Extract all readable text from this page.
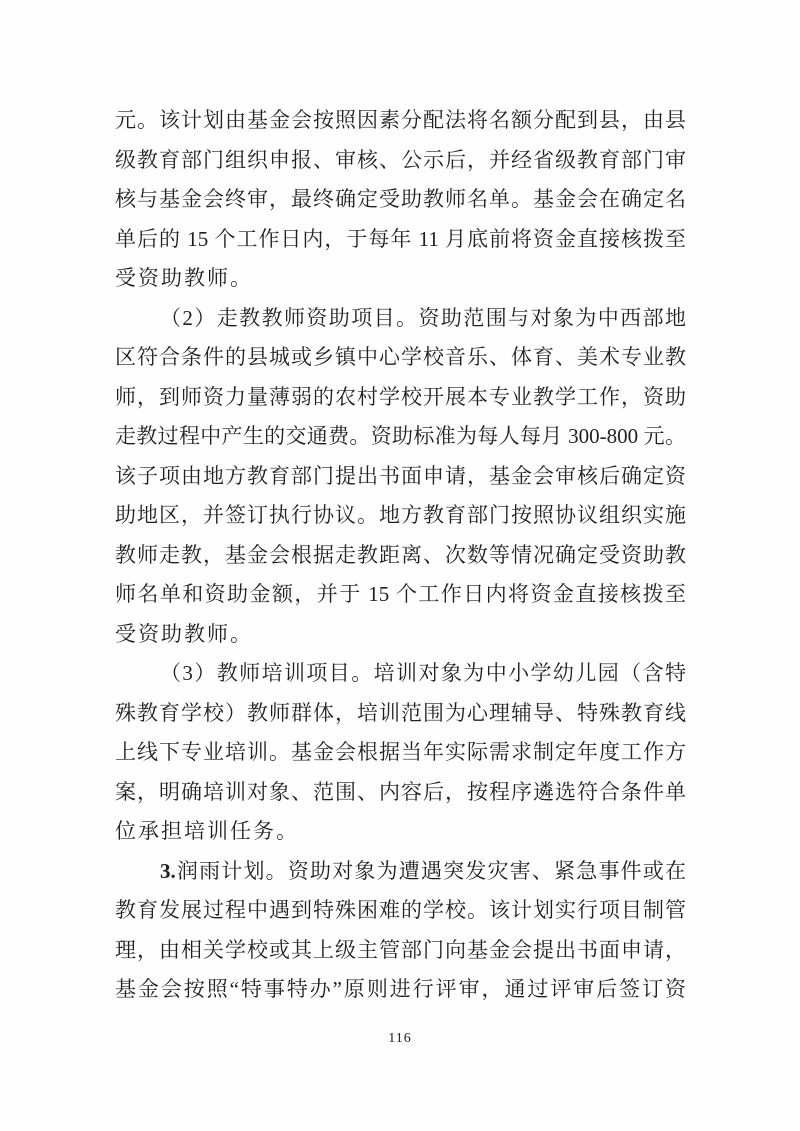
元。该计划由基金会按照因素分配法将名额分配到县，由县
级教育部门组织申报、审核、公示后，并经省级教育部门审
核与基金会终审，最终确定受助教师名单。基金会在确定名
单后的 15 个工作日内，于每年 11 月底前将资金直接核拨至
受资助教师。
（2）走教教师资助项目。资助范围与对象为中西部地
区符合条件的县城或乡镇中心学校音乐、体育、美术专业教
师，到师资力量薄弱的农村学校开展本专业教学工作，资助
走教过程中产生的交通费。资助标准为每人每月 300-800 元。
该子项由地方教育部门提出书面申请，基金会审核后确定资
助地区，并签订执行协议。地方教育部门按照协议组织实施
教师走教，基金会根据走教距离、次数等情况确定受资助教
师名单和资助金额，并于 15 个工作日内将资金直接核拨至
受资助教师。
（3）教师培训项目。培训对象为中小学幼儿园（含特
殊教育学校）教师群体，培训范围为心理辅导、特殊教育线
上线下专业培训。基金会根据当年实际需求制定年度工作方
案，明确培训对象、范围、内容后，按程序遴选符合条件单
位承担培训任务。
3.润雨计划。资助对象为遭遇突发灾害、紧急事件或在
教育发展过程中遇到特殊困难的学校。该计划实行项目制管
理，由相关学校或其上级主管部门向基金会提出书面申请，
基金会按照“特事特办”原则进行评审，通过评审后签订资
116
